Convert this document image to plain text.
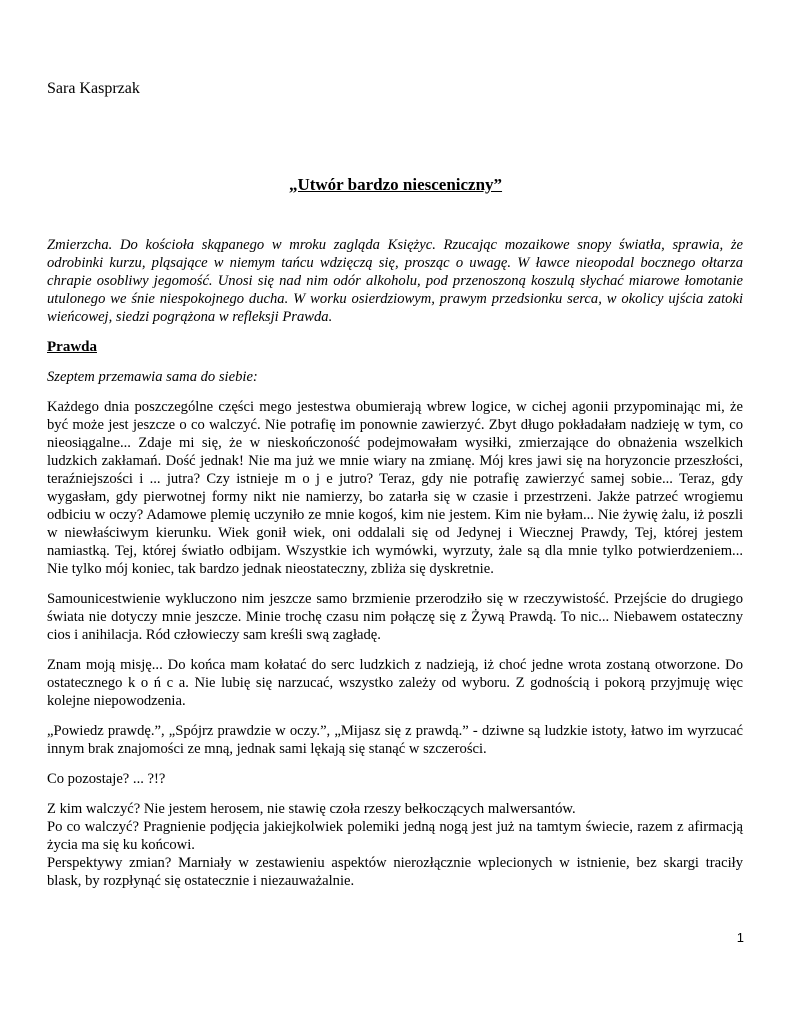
Sara Kasprzak
„Utwór bardzo niesceniczny”

Zmierzcha. Do kościoła skąpanego w mroku zagląda Księżyc. Rzucając mozaikowe snopy światła, sprawia, że odrobinki kurzu, pląsające w niemym tańcu wdzięczą się, prosząc o uwagę. W ławce nieopodal bocznego ołtarza chrapie osobliwy jegomość. Unosi się nad nim odór alkoholu, pod przenoszoną koszulą słychać miarowe łomotanie utulonego we śnie niespokojnego ducha. W worku osierdziowym, prawym przedsionku serca, w okolicy ujścia zatoki wieńcowej, siedzi pogrążona w refleksji Prawda.

Prawda

Szeptem przemawia sama do siebie:

Każdego dnia poszczególne części mego jestestwa obumierają wbrew logice, w cichej agonii przypominając mi, że być może jest jeszcze o co walczyć. Nie potrafię im ponownie zawierzyć. Zbyt długo pokładałam nadzieję w tym, co nieosiągalne... Zdaje mi się, że w nieskończoność podejmowałam wysiłki, zmierzające do obnażenia wszelkich ludzkich zakłamań. Dość jednak! Nie ma już we mnie wiary na zmianę. Mój kres jawi się na horyzoncie przeszłości, teraźniejszości i ... jutra? Czy istnieje m o j e jutro? Teraz, gdy nie potrafię zawierzyć samej sobie... Teraz, gdy wygasłam, gdy pierwotnej formy nikt nie namierzy, bo zatarła się w czasie i przestrzeni. Jakże patrzeć wrogiemu odbiciu w oczy? Adamowe plemię uczyniło ze mnie kogoś, kim nie jestem. Kim nie byłam... Nie żywię żalu, iż poszli w niewłaściwym kierunku. Wiek gonił wiek, oni oddalali się od Jedynej i Wiecznej Prawdy, Tej, której jestem namiastką. Tej, której światło odbijam. Wszystkie ich wymówki, wyrzuty, żale są dla mnie tylko potwierdzeniem... Nie tylko mój koniec, tak bardzo jednak nieostateczny, zbliża się dyskretnie.

Samounicestwienie wykluczono nim jeszcze samo brzmienie przerodziło się w rzeczywistość. Przejście do drugiego świata nie dotyczy mnie jeszcze. Minie trochę czasu nim połączę się z Żywą Prawdą. To nic... Niebawem ostateczny cios i anihilacja. Ród człowieczy sam kreśli swą zagładę.

Znam moją misję... Do końca mam kołatać do serc ludzkich z nadzieją, iż choć jedne wrota zostaną otworzone. Do ostatecznego k o ń c a. Nie lubię się narzucać, wszystko zależy od wyboru. Z godnością i pokorą przyjmuję więc kolejne niepowodzenia.

„Powiedz prawdę.”, „Spójrz prawdzie w oczy.”, „Mijasz się z prawdą.” - dziwne są ludzkie istoty, łatwo im wyrzucać innym brak znajomości ze mną, jednak sami lękają się stanąć w szczerości.

Co pozostaje? ... ?!?

Z kim walczyć? Nie jestem herosem, nie stawię czoła rzeszy bełkoczących malwersantów.

Po co walczyć? Pragnienie podjęcia jakiejkolwiek polemiki jedną nogą jest już na tamtym świecie, razem z afirmacją życia ma się ku końcowi.

Perspektywy zmian? Marniały w zestawieniu aspektów nierozłącznie wplecionych w istnienie, bez skargi traciły blask, by rozpłynąć się ostatecznie i niezauważalnie.

1
